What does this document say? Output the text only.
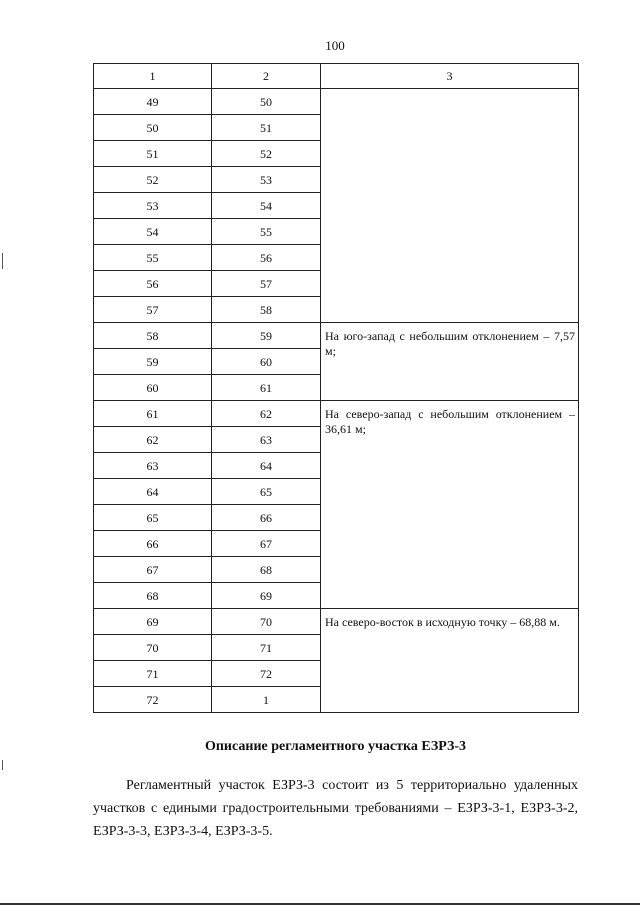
100
1	2	3
49	50	
50	51	
51	52	
52	53	
53	54	
54	55	
55	56	
56	57	
57	58	
58	59	На юго-запад с небольшим отклонением – 7,57 м;
59	60	
60	61	
61	62	На северо-запад с небольшим отклонением – 36,61 м;
62	63	
63	64	
64	65	
65	66	
66	67	
67	68	
68	69	
69	70	На северо-восток в исходную точку – 68,88 м.
70	71	
71	72	
72	1	
Описание регламентного участка ЕЗРЗ-3
Регламентный участок ЕЗРЗ-3 состоит из 5 территориально удаленных участков с едиными градостроительными требованиями – ЕЗРЗ-3-1, ЕЗРЗ-3-2, ЕЗРЗ-3-3, ЕЗРЗ-3-4, ЕЗРЗ-3-5.
